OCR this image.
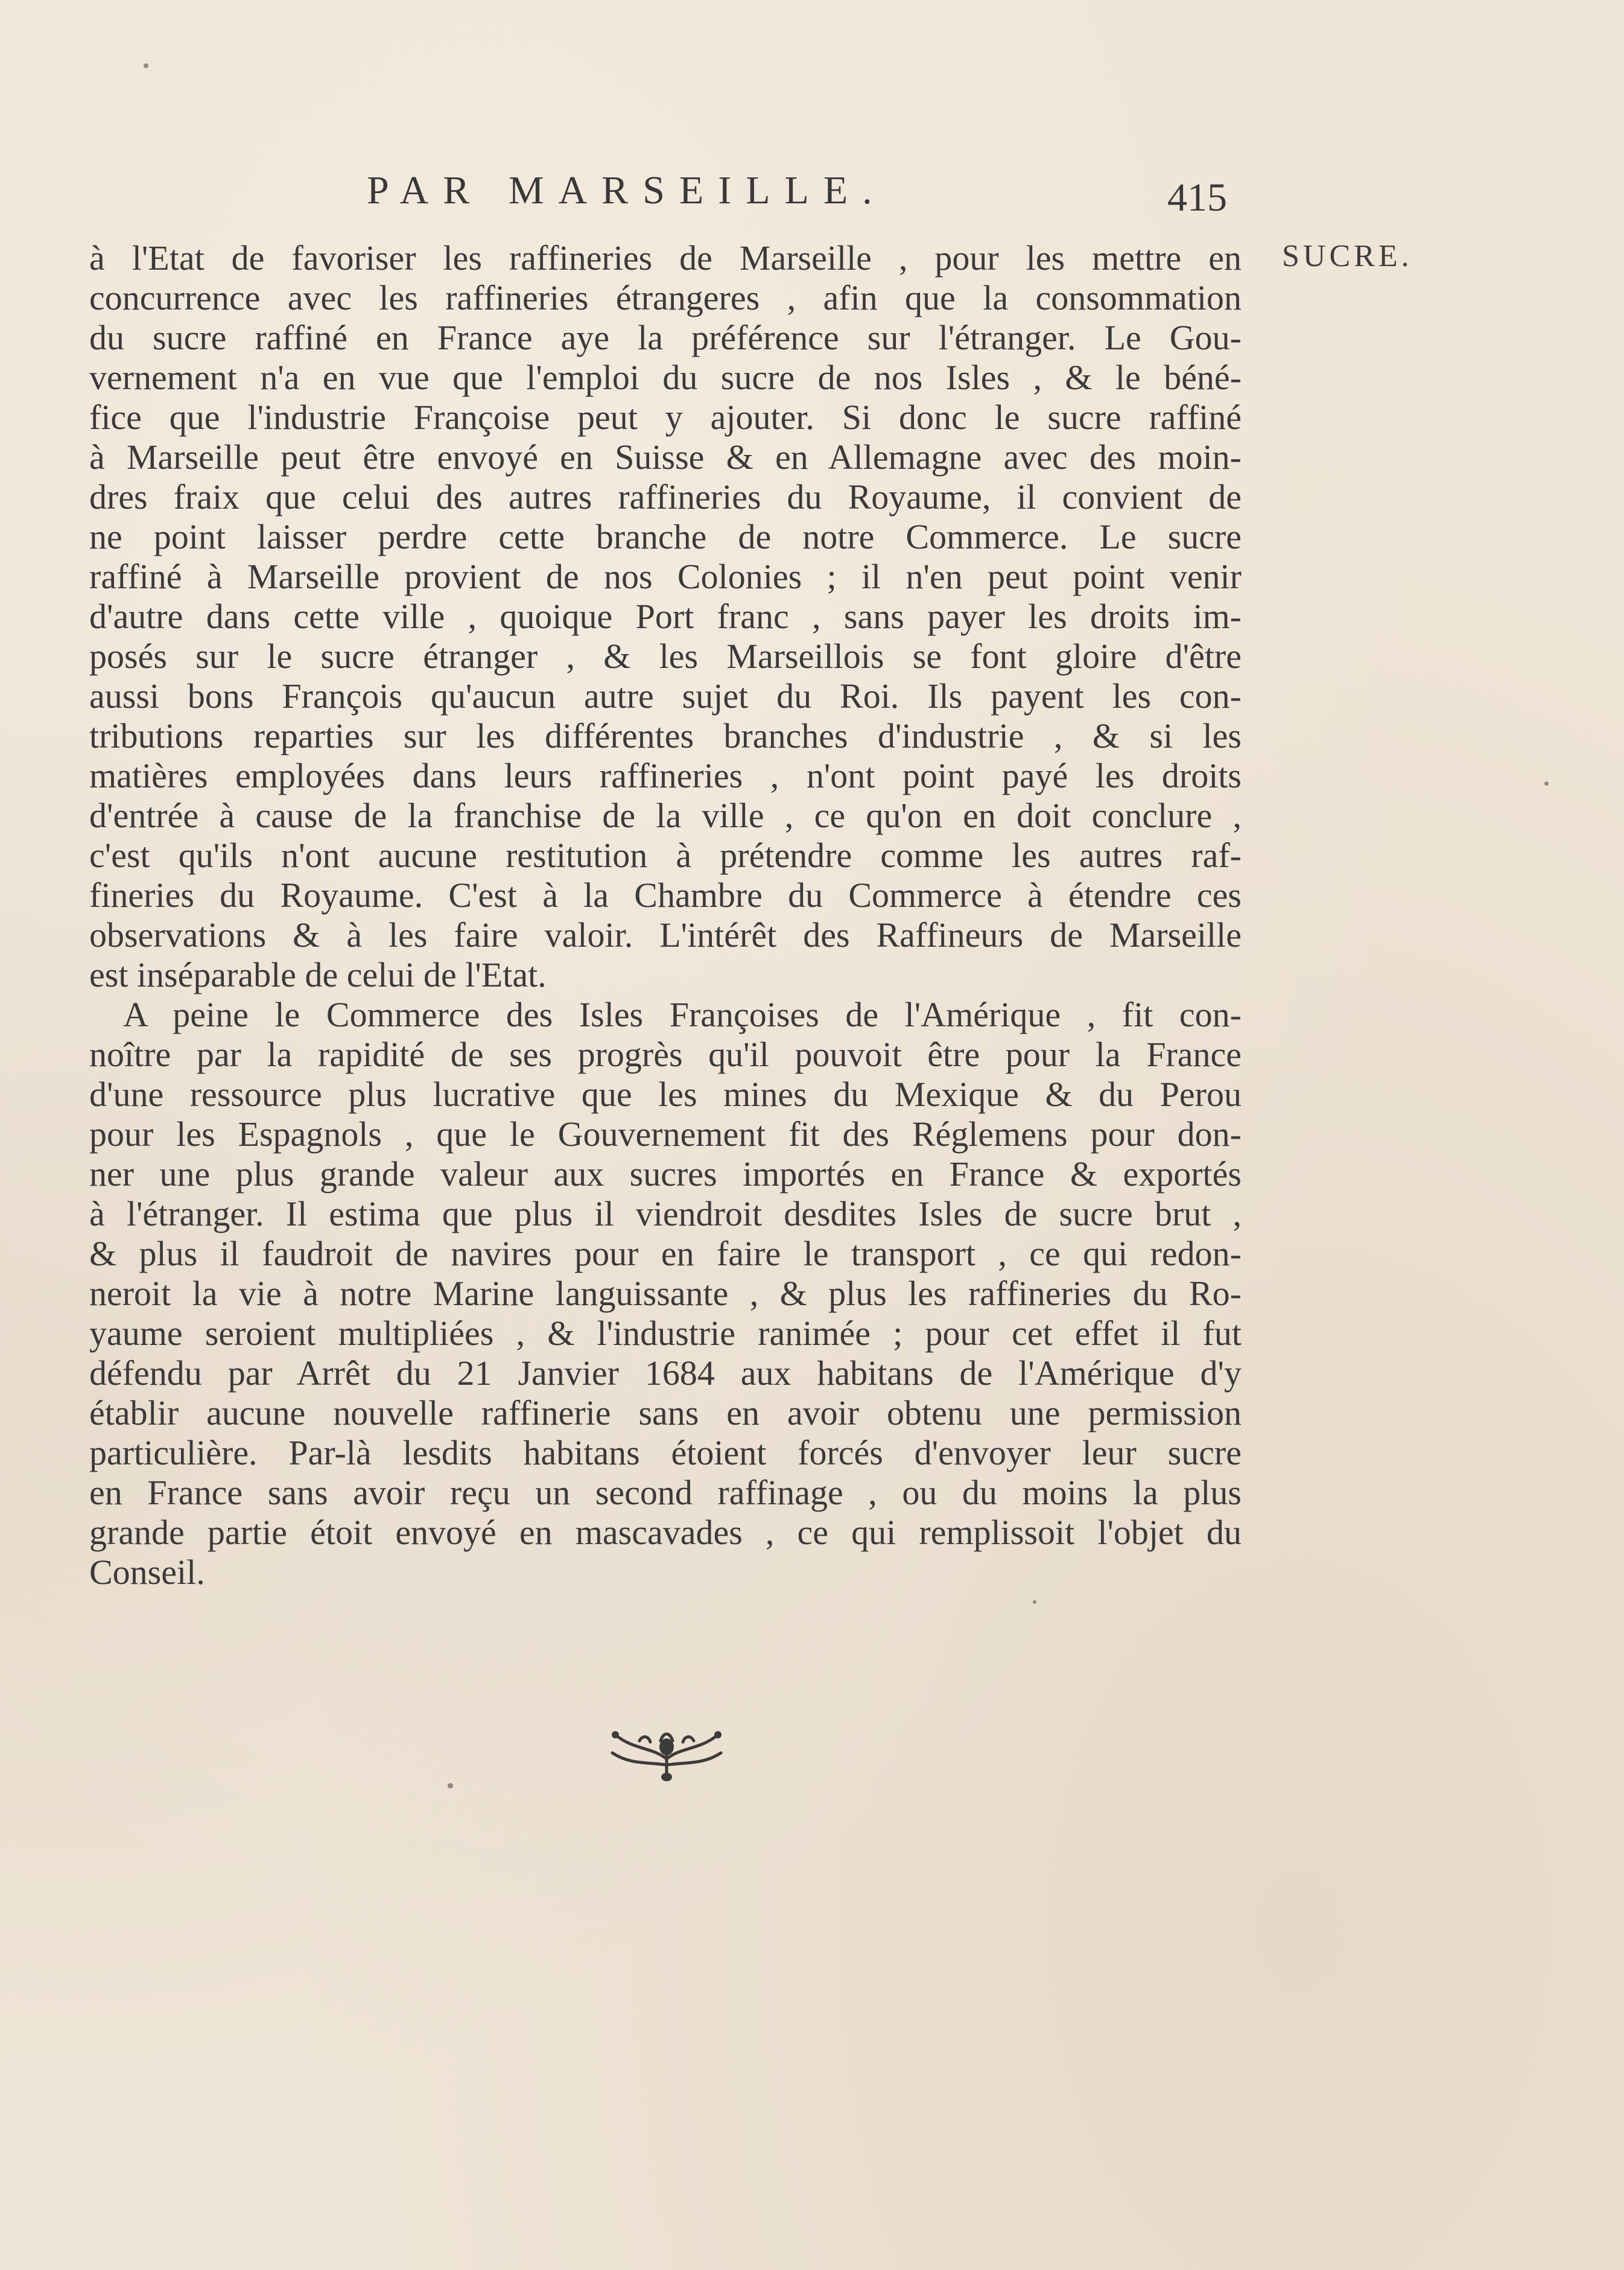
PAR MARSEILLE.	415
SUCRE.
à l'Etat de favoriser les raffineries de Marseille , pour les mettre en
concurrence avec les raffineries étrangeres , afin que la consommation
du sucre raffiné en France aye la préférence sur l'étranger. Le Gou-
vernement n'a en vue que l'emploi du sucre de nos Isles , & le béné-
fice que l'industrie Françoise peut y ajouter. Si donc le sucre raffiné
à Marseille peut être envoyé en Suisse & en Allemagne avec des moin-
dres fraix que celui des autres raffineries du Royaume, il convient de
ne point laisser perdre cette branche de notre Commerce. Le sucre
raffiné à Marseille provient de nos Colonies ; il n'en peut point venir
d'autre dans cette ville , quoique Port franc , sans payer les droits im-
posés sur le sucre étranger , & les Marseillois se font gloire d'être
aussi bons François qu'aucun autre sujet du Roi. Ils payent les con-
tributions reparties sur les différentes branches d'industrie , & si les
matières employées dans leurs raffineries , n'ont point payé les droits
d'entrée à cause de la franchise de la ville , ce qu'on en doit conclure ,
c'est qu'ils n'ont aucune restitution à prétendre comme les autres raf-
fineries du Royaume. C'est à la Chambre du Commerce à étendre ces
observations & à les faire valoir. L'intérêt des Raffineurs de Marseille
est inséparable de celui de l'Etat.
A peine le Commerce des Isles Françoises de l'Amérique , fit con-
noître par la rapidité de ses progrès qu'il pouvoit être pour la France
d'une ressource plus lucrative que les mines du Mexique & du Perou
pour les Espagnols , que le Gouvernement fit des Réglemens pour don-
ner une plus grande valeur aux sucres importés en France & exportés
à l'étranger. Il estima que plus il viendroit desdites Isles de sucre brut ,
& plus il faudroit de navires pour en faire le transport , ce qui redon-
neroit la vie à notre Marine languissante , & plus les raffineries du Ro-
yaume seroient multipliées , & l'industrie ranimée ; pour cet effet il fut
défendu par Arrêt du 21 Janvier 1684 aux habitans de l'Amérique d'y
établir aucune nouvelle raffinerie sans en avoir obtenu une permission
particulière. Par-là lesdits habitans étoient forcés d'envoyer leur sucre
en France sans avoir reçu un second raffinage , ou du moins la plus
grande partie étoit envoyé en mascavades , ce qui remplissoit l'objet du
Conseil.
